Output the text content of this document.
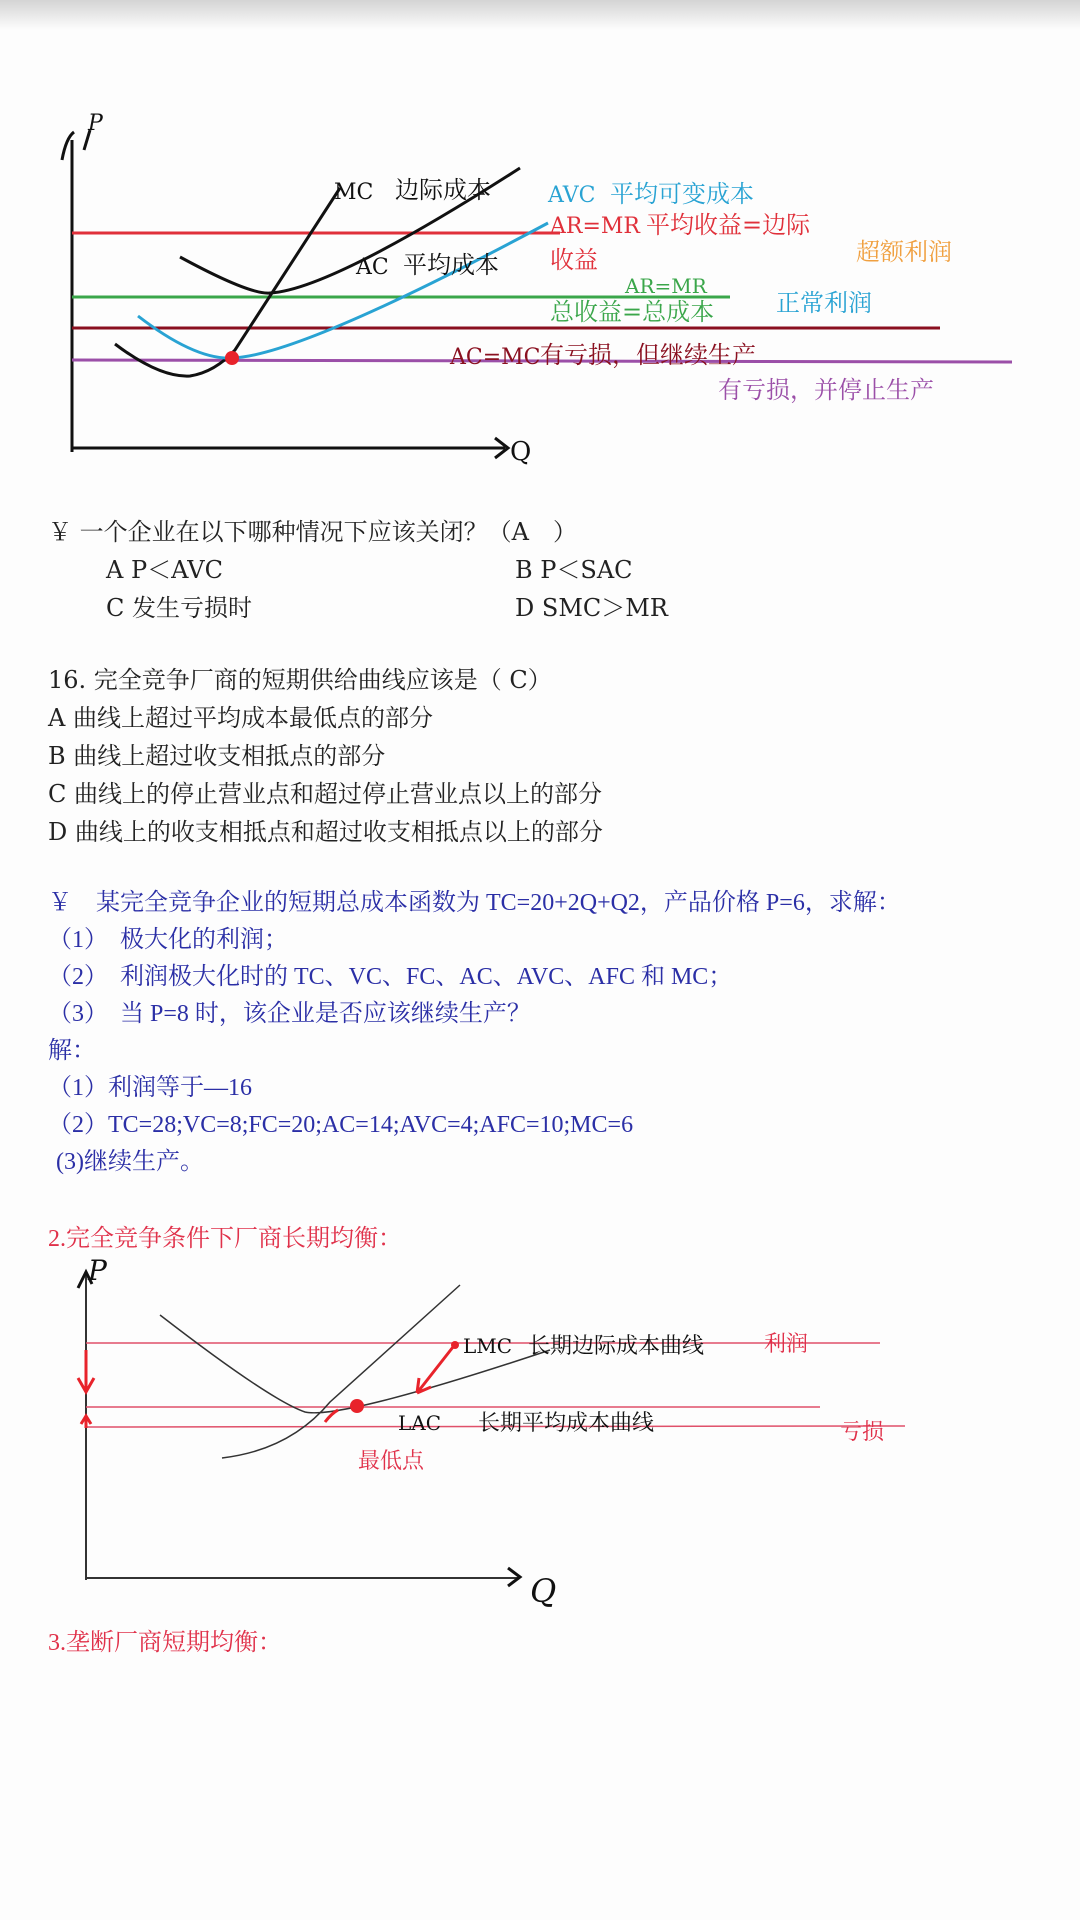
P
Q
MC 边际成本
AC 平均成本
AVC 平均可变成本
AR=MR 平均收益=边际
收益	超额利润
AR=MR
总收益=总成本	正常利润
AC=MC 有亏损，但继续生产
有亏损，并停止生产
￥ 一个企业在以下哪种情况下应该关闭？（A　）
A P＜AVC	B P＜SAC
C 发生亏损时	D SMC＞MR
16. 完全竞争厂商的短期供给曲线应该是（ C）
A 曲线上超过平均成本最低点的部分
B 曲线上超过收支相抵点的部分
C 曲线上的停止营业点和超过停止营业点以上的部分
D 曲线上的收支相抵点和超过收支相抵点以上的部分
￥　某完全竞争企业的短期总成本函数为 TC=20+2Q+Q2，产品价格 P=6，求解：
（1）　极大化的利润；
（2）　利润极大化时的 TC、VC、FC、AC、AVC、AFC 和 MC；
（3）　当 P=8 时，该企业是否应该继续生产？
解：
（1）利润等于—16
（2）TC=28;VC=8;FC=20;AC=14;AVC=4;AFC=10;MC=6
(3)继续生产。
2.完全竞争条件下厂商长期均衡：
P
Q
LMC 长期边际成本曲线	利润
LAC 长期平均成本曲线
最低点
亏损
3.垄断厂商短期均衡：
